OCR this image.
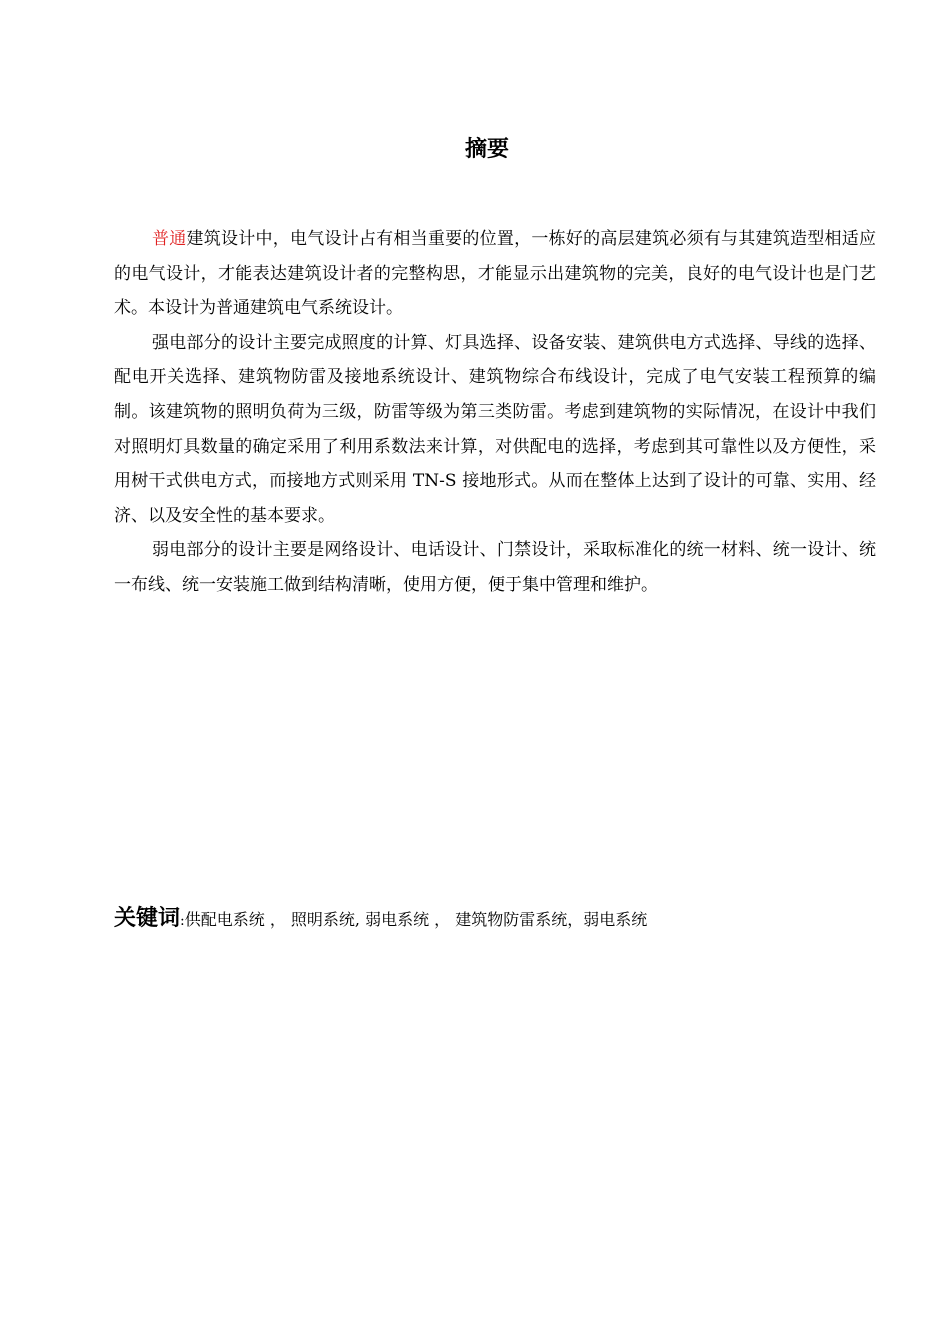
摘要

普通建筑设计中，电气设计占有相当重要的位置，一栋好的高层建筑必须有与其建筑造型相适应的电气设计，才能表达建筑设计者的完整构思，才能显示出建筑物的完美，良好的电气设计也是门艺术。本设计为普通建筑电气系统设计。

强电部分的设计主要完成照度的计算、灯具选择、设备安装、建筑供电方式选择、导线的选择、配电开关选择、建筑物防雷及接地系统设计、建筑物综合布线设计，完成了电气安装工程预算的编制。该建筑物的照明负荷为三级，防雷等级为第三类防雷。考虑到建筑物的实际情况，在设计中我们对照明灯具数量的确定采用了利用系数法来计算，对供配电的选择，考虑到其可靠性以及方便性，采用树干式供电方式，而接地方式则采用 TN-S 接地形式。从而在整体上达到了设计的可靠、实用、经济、以及安全性的基本要求。

弱电部分的设计主要是网络设计、电话设计、门禁设计，采取标准化的统一材料、统一设计、统一布线、统一安装施工做到结构清晰，使用方便，便于集中管理和维护。

关键词:供配电系统 ， 照明系统, 弱电系统 ， 建筑物防雷系统，弱电系统
